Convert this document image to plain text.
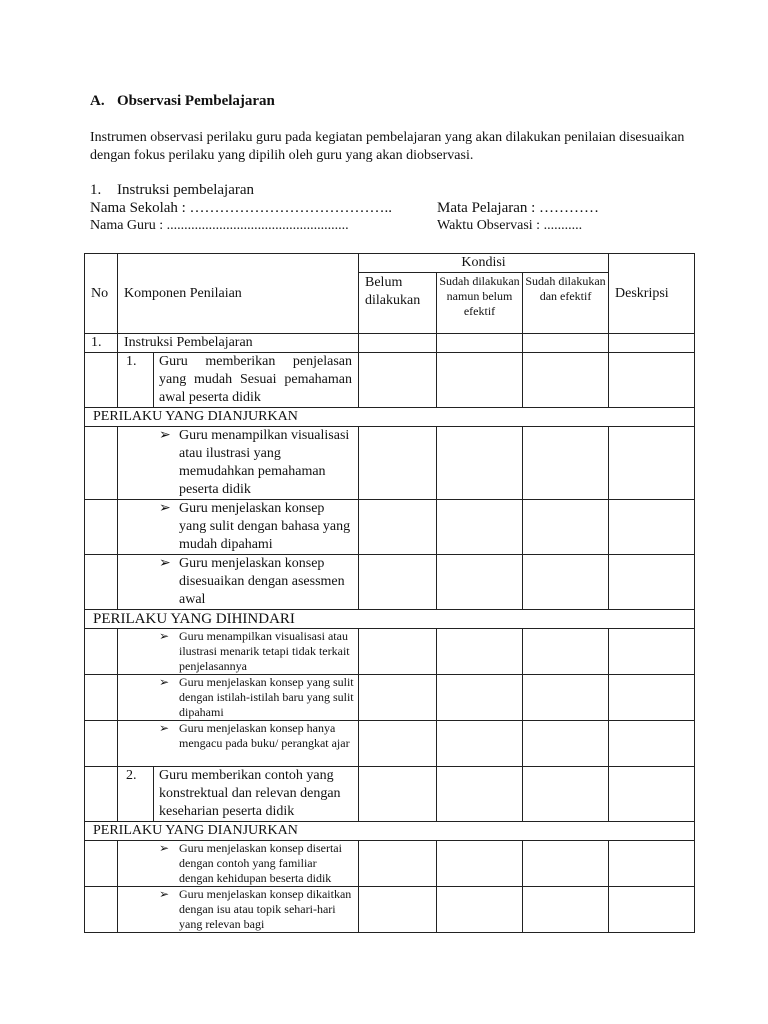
A. Observasi Pembelajaran
Instrumen observasi perilaku guru pada kegiatan pembelajaran yang akan dilakukan penilaian disesuaikan dengan fokus perilaku yang dipilih oleh guru yang akan diobservasi.
1.	Instruksi pembelajaran
Nama Sekolah : …………………………………..	Mata Pelajaran : …………
Nama Guru : ....................................................	Waktu Observasi : ...........
No	Komponen Penilaian	Kondisi			Deskripsi
		Belum dilakukan	Sudah dilakukan namun belum efektif	Sudah dilakukan dan efektif	
1.	Instruksi Pembelajaran				

	1. Guru memberikan penjelasan yang mudah Sesuai pemahaman awal peserta didik				

PERILAKU YANG DIANJURKAN					

	➢ Guru menampilkan visualisasi atau ilustrasi yang memudahkan pemahaman peserta didik				

	➢ Guru menjelaskan konsep yang sulit dengan bahasa yang mudah dipahami				

	➢ Guru menjelaskan konsep disesuaikan dengan asessmen awal				

PERILAKU YANG DIHINDARI					

	➢ Guru menampilkan visualisasi atau ilustrasi menarik tetapi tidak terkait penjelasannya				

	➢ Guru menjelaskan konsep yang sulit dengan istilah-istilah baru yang sulit dipahami				

	➢ Guru menjelaskan konsep hanya mengacu pada buku/ perangkat ajar				

	2. Guru memberikan contoh yang konstrektual dan relevan dengan keseharian peserta didik				

PERILAKU YANG DIANJURKAN					

	➢ Guru menjelaskan konsep disertai dengan contoh yang familiar dengan kehidupan beserta didik				

	➢ Guru menjelaskan konsep dikaitkan dengan isu atau topik sehari-hari yang relevan bagi				
